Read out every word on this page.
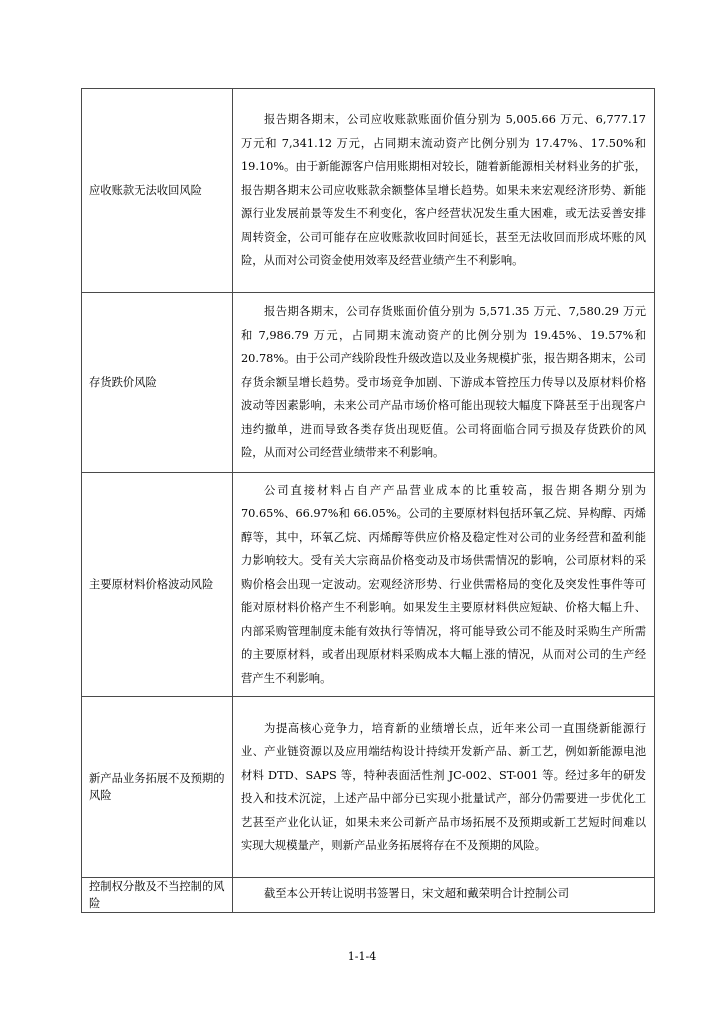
应收账款无法收回风险	报告期各期末，公司应收账款账面价值分别为 5,005.66 万元、6,777.17 万元和 7,341.12 万元，占同期末流动资产比例分别为 17.47%、17.50%和 19.10%。由于新能源客户信用账期相对较长，随着新能源相关材料业务的扩张，报告期各期末公司应收账款余额整体呈增长趋势。如果未来宏观经济形势、新能源行业发展前景等发生不利变化，客户经营状况发生重大困难，或无法妥善安排周转资金，公司可能存在应收账款收回时间延长，甚至无法收回而形成坏账的风险，从而对公司资金使用效率及经营业绩产生不利影响。

存货跌价风险	报告期各期末，公司存货账面价值分别为 5,571.35 万元、7,580.29 万元和 7,986.79 万元，占同期末流动资产的比例分别为 19.45%、19.57%和 20.78%。由于公司产线阶段性升级改造以及业务规模扩张，报告期各期末，公司存货余额呈增长趋势。受市场竞争加剧、下游成本管控压力传导以及原材料价格波动等因素影响，未来公司产品市场价格可能出现较大幅度下降甚至于出现客户违约撤单，进而导致各类存货出现贬值。公司将面临合同亏损及存货跌价的风险，从而对公司经营业绩带来不利影响。

主要原材料价格波动风险	公司直接材料占自产产品营业成本的比重较高，报告期各期分别为 70.65%、66.97%和 66.05%。公司的主要原材料包括环氧乙烷、异构醇、丙烯醇等，其中，环氧乙烷、丙烯醇等供应价格及稳定性对公司的业务经营和盈利能力影响较大。受有关大宗商品价格变动及市场供需情况的影响，公司原材料的采购价格会出现一定波动。宏观经济形势、行业供需格局的变化及突发性事件等可能对原材料价格产生不利影响。如果发生主要原材料供应短缺、价格大幅上升、内部采购管理制度未能有效执行等情况，将可能导致公司不能及时采购生产所需的主要原材料，或者出现原材料采购成本大幅上涨的情况，从而对公司的生产经营产生不利影响。

新产品业务拓展不及预期的风险	为提高核心竞争力，培育新的业绩增长点，近年来公司一直围绕新能源行业、产业链资源以及应用端结构设计持续开发新产品、新工艺，例如新能源电池材料 DTD、SAPS 等，特种表面活性剂 JC-002、ST-001 等。经过多年的研发投入和技术沉淀，上述产品中部分已实现小批量试产，部分仍需要进一步优化工艺甚至产业化认证，如果未来公司新产品市场拓展不及预期或新工艺短时间难以实现大规模量产，则新产品业务拓展将存在不及预期的风险。

控制权分散及不当控制的风险	截至本公开转让说明书签署日，宋文超和戴荣明合计控制公司
1-1-4
